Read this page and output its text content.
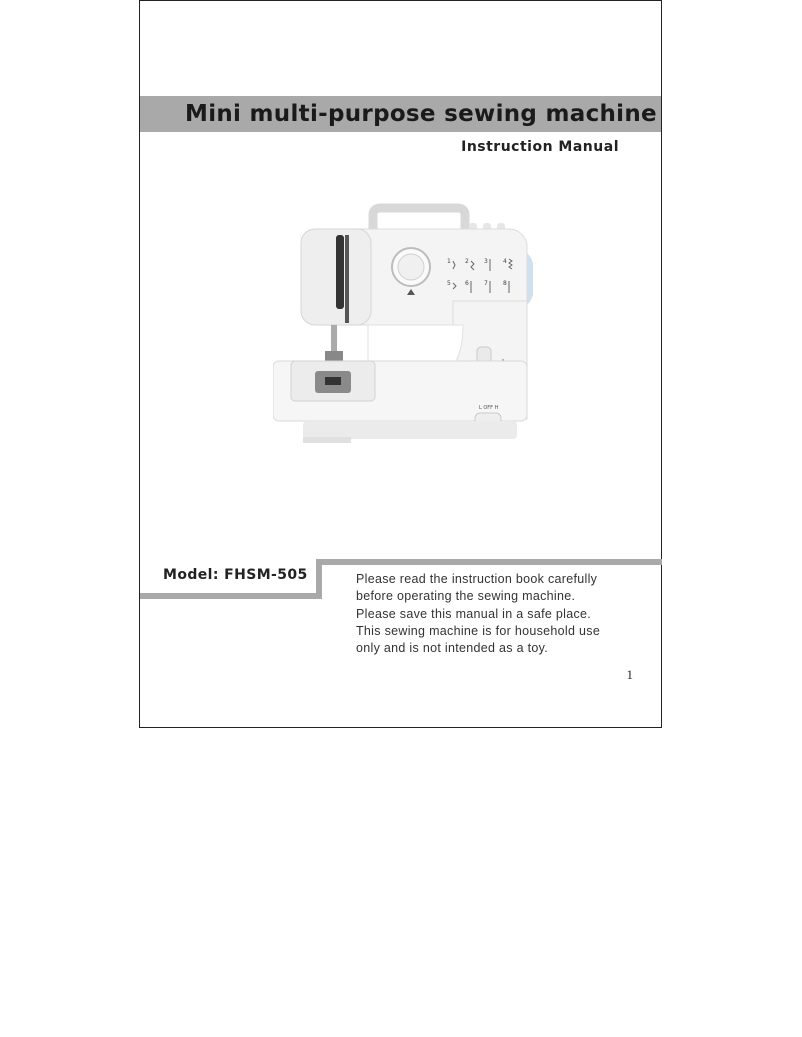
Mini multi-purpose sewing machine
Instruction Manual
1 2	3	4
5 6	7	8
L OFF H
Model: FHSM-505	Please read the instruction book carefully

before operating the sewing machine.

Please save this manual in a safe place.

This sewing machine is for household use

only and is not intended as a toy.

1
